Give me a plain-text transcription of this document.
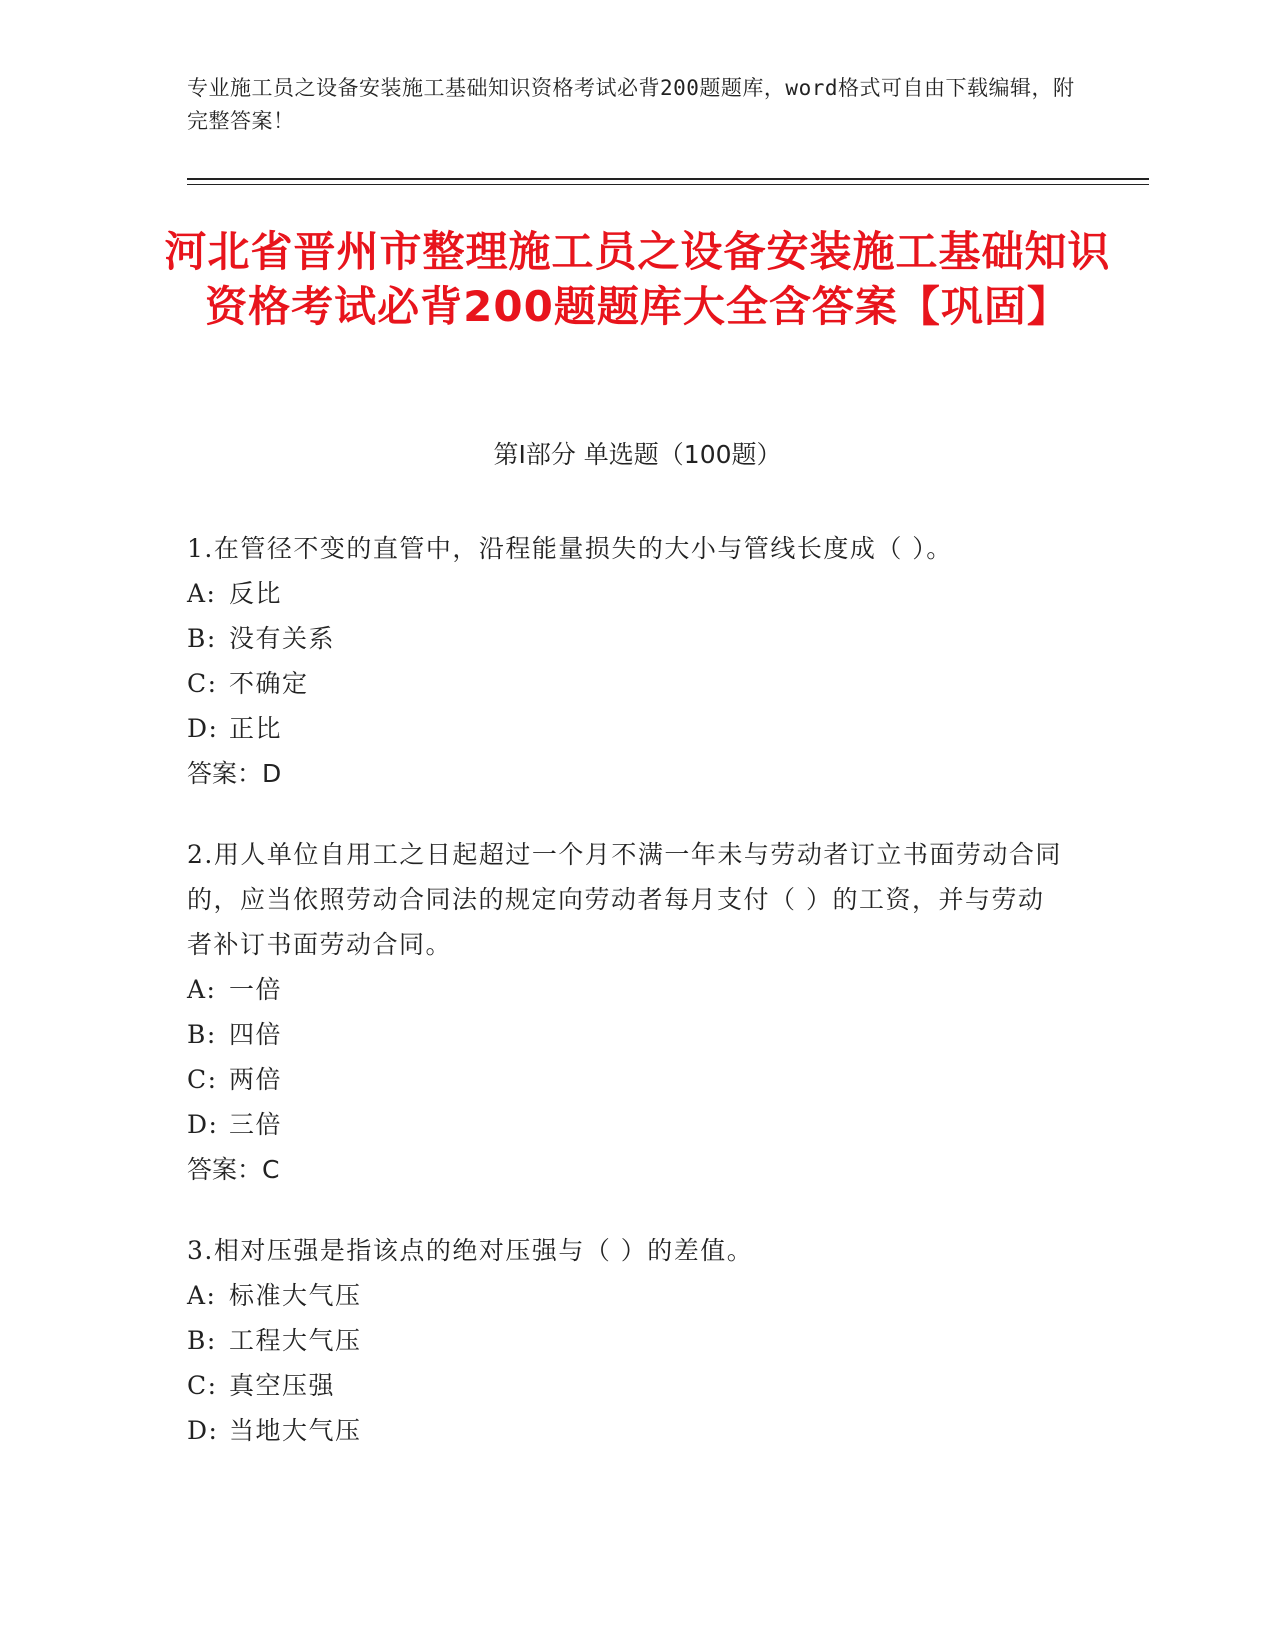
专业施工员之设备安装施工基础知识资格考试必背200题题库，word格式可自由下载编辑，附完整答案！
河北省晋州市整理施工员之设备安装施工基础知识资格考试必背200题题库大全含答案【巩固】
第Ⅰ部分 单选题（100题）
1.在管径不变的直管中，沿程能量损失的大小与管线长度成（ ）。
A: 反比
B: 没有关系
C: 不确定
D: 正比
答案：D
2.用人单位自用工之日起超过一个月不满一年未与劳动者订立书面劳动合同的，应当依照劳动合同法的规定向劳动者每月支付（ ）的工资，并与劳动者补订书面劳动合同。
A: 一倍
B: 四倍
C: 两倍
D: 三倍
答案：C
3.相对压强是指该点的绝对压强与（ ）的差值。
A: 标准大气压
B: 工程大气压
C: 真空压强
D: 当地大气压
